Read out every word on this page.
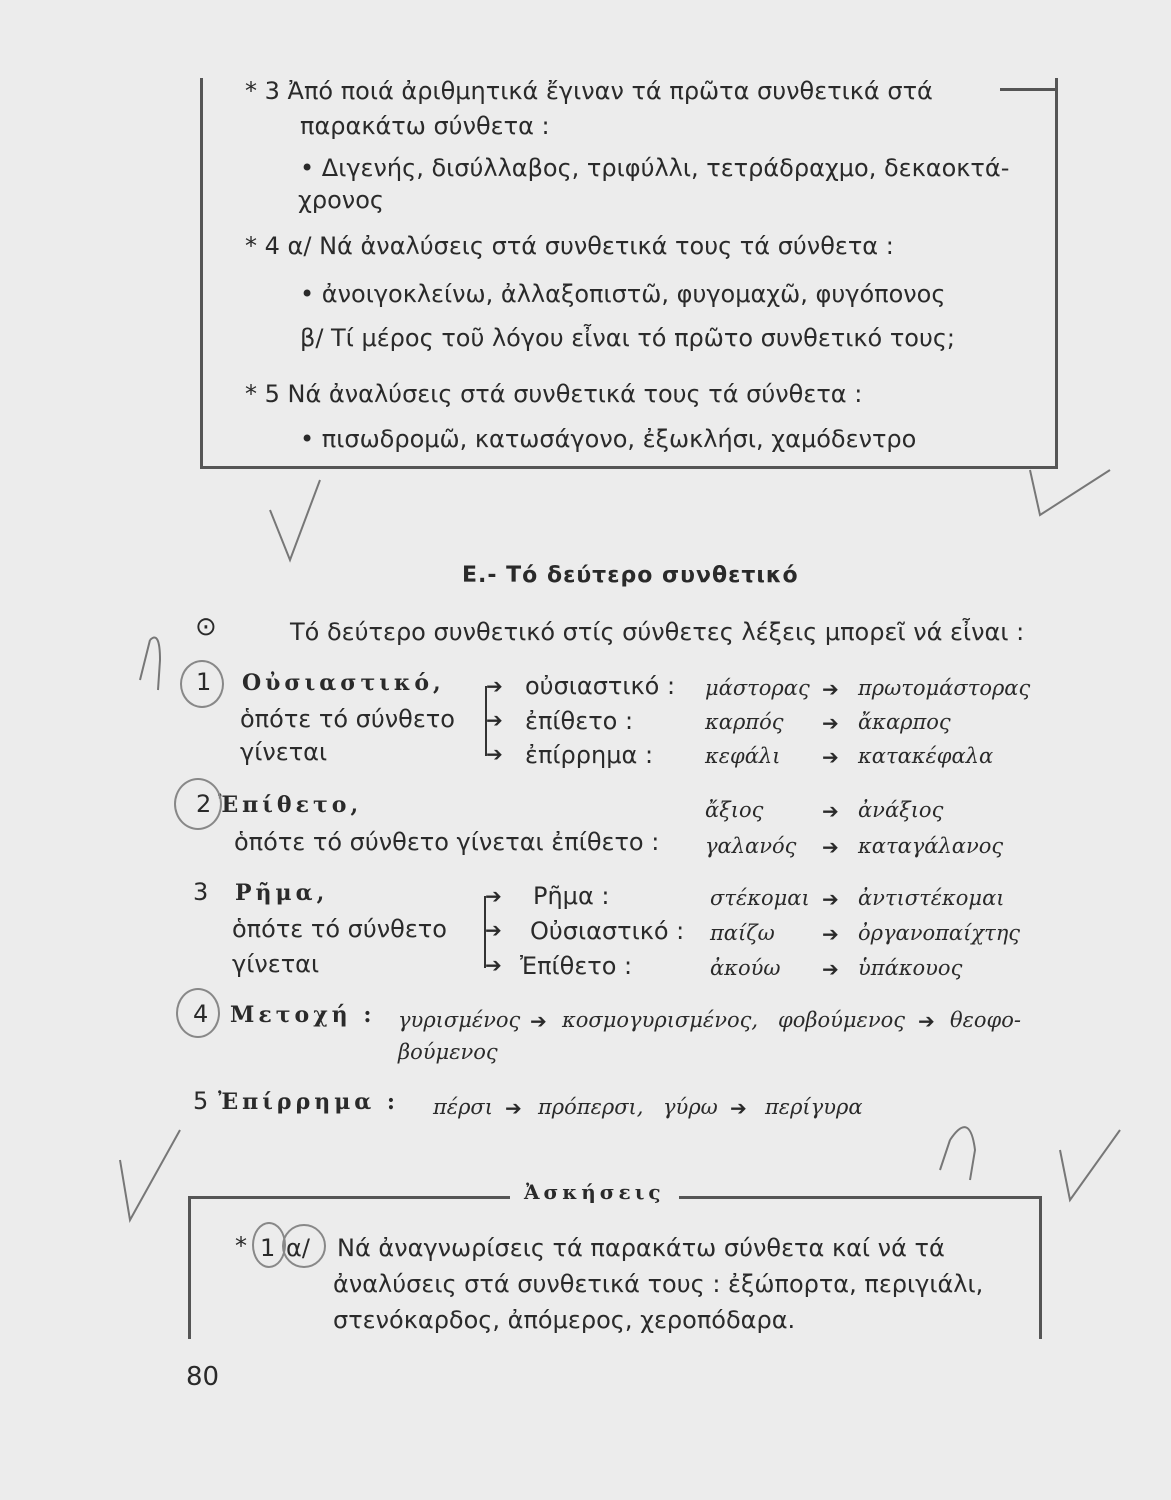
* 3 Ἀπό ποιά ἀριθμητικά ἔγιναν τά πρῶτα συνθετικά στά
παρακάτω σύνθετα :
• Διγενής, δισύλλαβος, τριφύλλι, τετράδραχμο, δεκαοκτά-
χρονος
* 4 α/ Νά ἀναλύσεις στά συνθετικά τους τά σύνθετα :
• ἀνοιγοκλείνω, ἀλλαξοπιστῶ, φυγομαχῶ, φυγόπονος
β/ Τί μέρος τοῦ λόγου εἶναι τό πρῶτο συνθετικό τους;
* 5 Νά ἀναλύσεις στά συνθετικά τους τά σύνθετα :
• πισωδρομῶ, κατωσάγονο, ἐξωκλήσι, χαμόδεντρο
Ε.- Τό δεύτερο συνθετικό
⊙	Τό δεύτερο συνθετικό στίς σύνθετες λέξεις μπορεῖ νά εἶναι :
1 Οὐσιαστικό,
ὁπότε τό σύνθετο
γίνεται
➔
➔
➔
οὐσιαστικό :
ἐπίθετο :
ἐπίρρημα :
μάστορας
καρπός
κεφάλι
➔
➔
➔
πρωτομάστορας
ἄκαρπος
κατακέφαλα
2 Ἐπίθετο,
ὁπότε τό σύνθετο γίνεται ἐπίθετο :
ἄξιος
γαλανός
➔
➔
ἀνάξιος
καταγάλανος
3 Ρῆμα,
ὁπότε τό σύνθετο
γίνεται
➔
➔
➔
Ρῆμα :
Οὐσιαστικό :
Ἐπίθετο :
στέκομαι
παίζω
ἀκούω
➔
➔
➔
ἀντιστέκομαι
ὀργανοπαίχτης
ὑπάκουος
4 Μετοχή : γυρισμένος ➔ κοσμογυρισμένος, φοβούμενος ➔ θεοφο-
βούμενος
5 Ἐπίρρημα : πέρσι ➔ πρόπερσι, γύρω ➔ περίγυρα
Ἀσκήσεις
* 1 α/ Νά ἀναγνωρίσεις τά παρακάτω σύνθετα καί νά τά
ἀναλύσεις στά συνθετικά τους : ἐξώπορτα, περιγιάλι,
στενόκαρδος, ἀπόμερος, χεροπόδαρα.
80
